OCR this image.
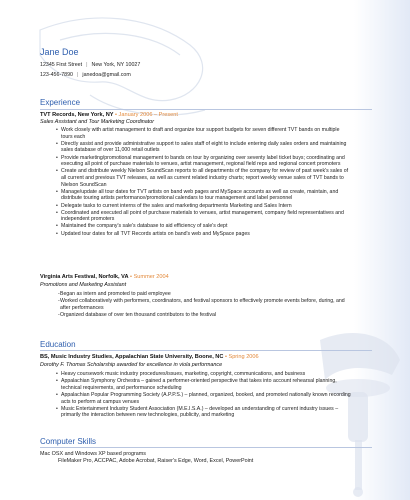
Jane Doe
12345 First Street | New York, NY 10027
123-456-7890 | janedoa@gmail.com
Experience
TVT Records, New York, NY • January 2006 – Present
Sales Assistant and Tour Marketing Coordinator
• Work closely with artist management to draft and organize tour support budgets for seven different TVT bands on multiple tours each
• Directly assist and provide administrative support to sales staff of eight to include entering daily sales orders and maintaining sales database of over 11,000 retail outlets
• Provide marketing/promotional management to bands on tour by organizing over seventy label ticket buys; coordinating and executing all point of purchase materials to venues, artist management, regional field reps and regional concert promoters
• Create and distribute weekly Nielson SoundScan reports to all departments of the company for review of past week's sales of all current and previous TVT releases, as well as current related industry charts; report weekly venue sales of TVT bands to Nielson SoundScan
• Manage/update all tour dates for TVT artists on band web pages and MySpace accounts as well as create, maintain, and distribute touring artists performance/promotional calendars to tour management and label personnel
• Delegate tasks to current interns of the sales and marketing departments Marketing and Sales Intern
• Coordinated and executed all point of purchase materials to venues, artist management, company field representatives and independent promoters
• Maintained the company's sale's database to aid efficiency of sale's dept
• Updated tour dates for all TVT Records artists on band's web and MySpace pages
Virginia Arts Festival, Norfolk, VA • Summer 2004
Promotions and Marketing Assistant
-Began as intern and promoted to paid employee
-Worked collaboratively with performers, coordinators, and festival sponsors to effectively promote events before, during, and after performances
-Organized database of over ten thousand contributors to the festival
Education
BS, Music Industry Studies, Appalachian State University, Boone, NC • Spring 2006
Dorothy F. Thomas Scholarship awarded for excellence in viola performance
• Heavy coursework music industry procedures/issues, marketing, copyright, communications, and business
• Appalachian Symphony Orchestra – gained a performer-oriented perspective that takes into account rehearsal planning, technical requirements, and performance scheduling
• Appalachian Popular Programming Society (A.P.P.S.) – planned, organized, booked, and promoted nationally known recording acts to perform at campus venues
• Music Entertainment Industry Student Association (M.E.I.S.A.) – developed an understanding of current industry issues – primarily the interaction between new technologies, publicity, and marketing
Computer Skills
Mac OSX and Windows XP based programs
FileMaker Pro, ACCPAC, Adobe Acrobat, Raiser's Edge, Word, Excel, PowerPoint
